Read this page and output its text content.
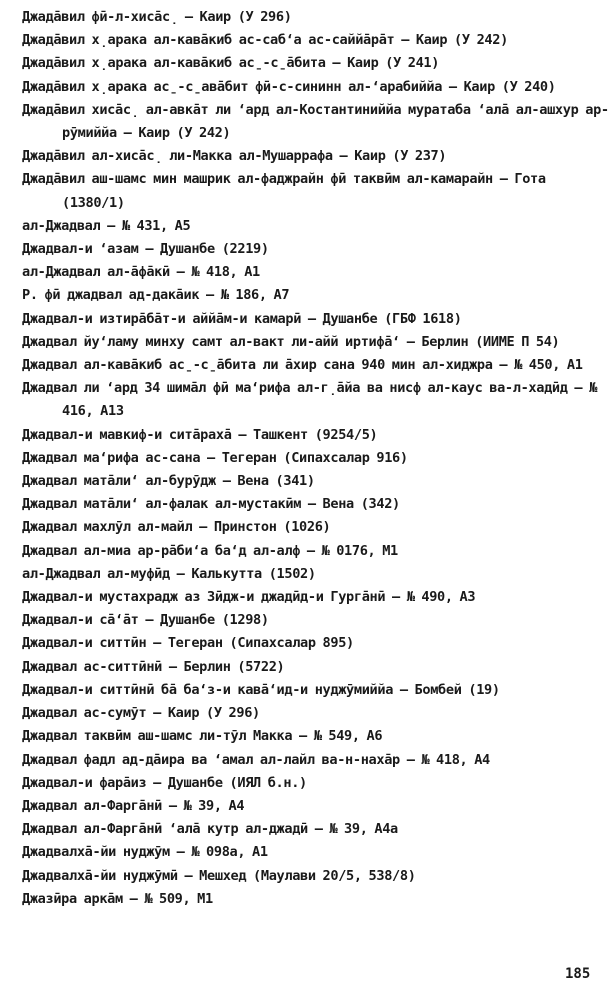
Джада̄вил фӣ-л-хиса̄с̣ – Каир (У 296)
Джада̄вил х̣арака ал-кава̄киб ас-саб‘а ас-саййа̄ра̄т – Каир (У 242)
Джада̄вил х̣арака ал-кава̄киб ас̱-с̱а̄бита – Каир (У 241)
Джада̄вил х̣арака ас̱-с̱ава̄бит фӣ-с-сининн ал-‘арабиййа – Каир (У 240)
Джада̄вил хиса̄с̣ ал-авка̄т ли ‘ард ал-Костантиниййа муратаба ‘ала̄ ал-ашхур ар-рӯмиййа – Каир (У 242)
Джада̄вил ал-хиса̄с̣ ли-Макка ал-Мушаррафа – Каир (У 237)
Джада̄вил аш-шамс мин машрик ал-фаджрайн фӣ таквӣм ал-камарайн – Гота (1380/1)
ал-Джадвал – № 431, А5
Джадвал-и ‘азам – Душанбе (2219)
ал-Джадвал ал-а̄фа̄кӣ – № 418, А1
Р. фӣ джадвал ад-дака̄ик – № 186, А7
Джадвал-и изтира̄ба̄т-и аййа̄м-и камарӣ – Душанбе (ГБФ 1618)
Джадвал йу‘ламу минху самт ал-вакт ли-айй иртифа̄‘ – Берлин (ИИМЕ П 54)
Джадвал ал-кава̄киб ас̱-с̱а̄бита ли а̄хир сана 940 мин ал-хиджра – № 450, А1
Джадвал ли ‘ард 34 шима̄л фӣ ма‘рифа ал-г̣а̄йа ва нисф ал-каус ва-л-хадӣд – № 416, А13
Джадвал-и мавкиф-и сита̄раха̄ – Ташкент (9254/5)
Джадвал ма‘рифа ас-сана – Тегеран (Сипахсалар 916)
Джадвал мата̄ли‘ ал-бурӯдж – Вена (341)
Джадвал мата̄ли‘ ал-фалак ал-мустакӣм – Вена (342)
Джадвал махлӯл ал-майл – Принстон (1026)
Джадвал ал-миа ар-ра̄би‘а ба‘д ал-алф – № 0176, М1
ал-Джадвал ал-муфӣд – Калькутта (1502)
Джадвал-и мустахрадж аз Зӣдж-и джадӣд-и Гурга̄нӣ – № 490, А3
Джадвал-и са̄‘а̄т – Душанбе (1298)
Джадвал-и ситтӣн – Тегеран (Сипахсалар 895)
Джадвал ас-ситтӣнӣ – Берлин (5722)
Джадвал-и ситтӣнӣ ба̄ ба‘з-и кава̄‘ид-и нуджӯмиййа – Бомбей (19)
Джадвал ас-сумӯт – Каир (У 296)
Джадвал таквӣм аш-шамс ли-тӯл Макка – № 549, А6
Джадвал фадл ад-да̄ира ва ‘амал ал-лайл ва-н-наха̄р – № 418, А4
Джадвал-и фара̄из – Душанбе (ИЯЛ б.н.)
Джадвал ал-Фарга̄нӣ – № 39, А4
Джадвал ал-Фарга̄нӣ ‘ала̄ кутр ал-джадӣ – № 39, А4а
Джадвалха̄-йи нуджӯм – № 098а, А1
Джадвалха̄-йи нуджӯмӣ – Мешхед (Маулави 20/5, 538/8)
Джазӣра арка̄м – № 509, М1
185
